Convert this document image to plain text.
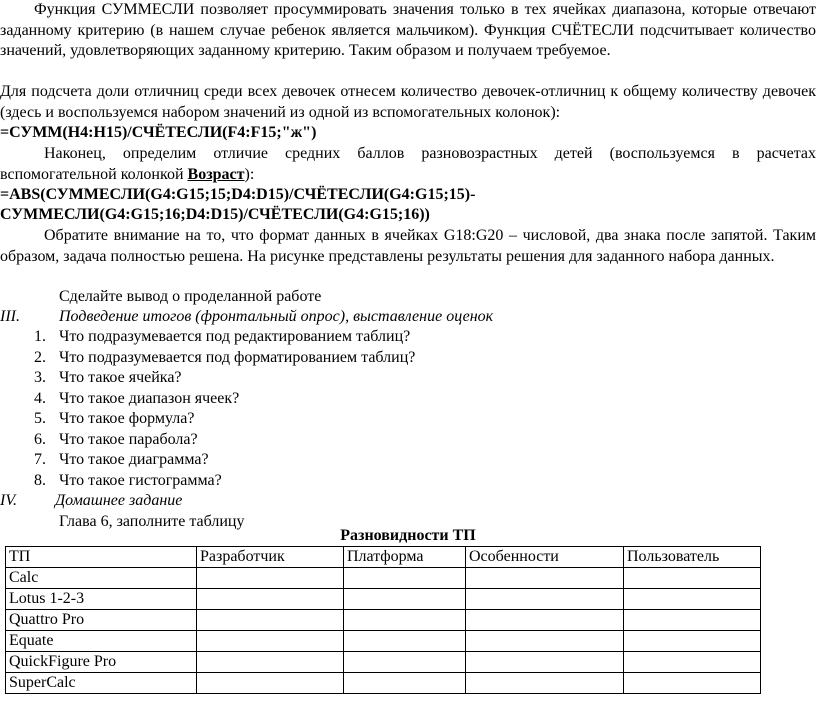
Функция СУММЕСЛИ позволяет просуммировать значения только в тех ячейках диапазона, которые отвечают заданному критерию (в нашем случае ребенок является мальчиком). Функция СЧЁТЕСЛИ подсчитывает количество значений, удовлетворяющих заданному критерию. Таким образом и получаем требуемое.
Для подсчета доли отличниц среди всех девочек отнесем количество девочек-отличниц к общему количеству девочек (здесь и воспользуемся набором значений из одной из вспомогательных колонок):
=СУММ(H4:H15)/СЧЁТЕСЛИ(F4:F15;"ж")
Наконец, определим отличие средних баллов разновозрастных детей (воспользуемся в расчетах вспомогательной колонкой Возраст):
=ABS(СУММЕСЛИ(G4:G15;15;D4:D15)/СЧЁТЕСЛИ(G4:G15;15)-
СУММЕСЛИ(G4:G15;16;D4:D15)/СЧЁТЕСЛИ(G4:G15;16))
Обратите внимание на то, что формат данных в ячейках G18:G20 – числовой, два знака после запятой. Таким образом, задача полностью решена. На рисунке представлены результаты решения для заданного набора данных.
Сделайте вывод о проделанной работе
III. Подведение итогов (фронтальный опрос), выставление оценок
1. Что подразумевается под редактированием таблиц?
2. Что подразумевается под форматированием таблиц?
3. Что такое ячейка?
4. Что такое диапазон ячеек?
5. Что такое формула?
6. Что такое парабола?
7. Что такое диаграмма?
8. Что такое гистограмма?
IV. Домашнее задание
Глава 6, заполните таблицу
Разновидности ТП
ТП	Разработчик	Платформа	Особенности	Пользователь
Calc				
Lotus 1-2-3				
Quattro Pro				
Equate				
QuickFigure Pro				
SuperCalc				
